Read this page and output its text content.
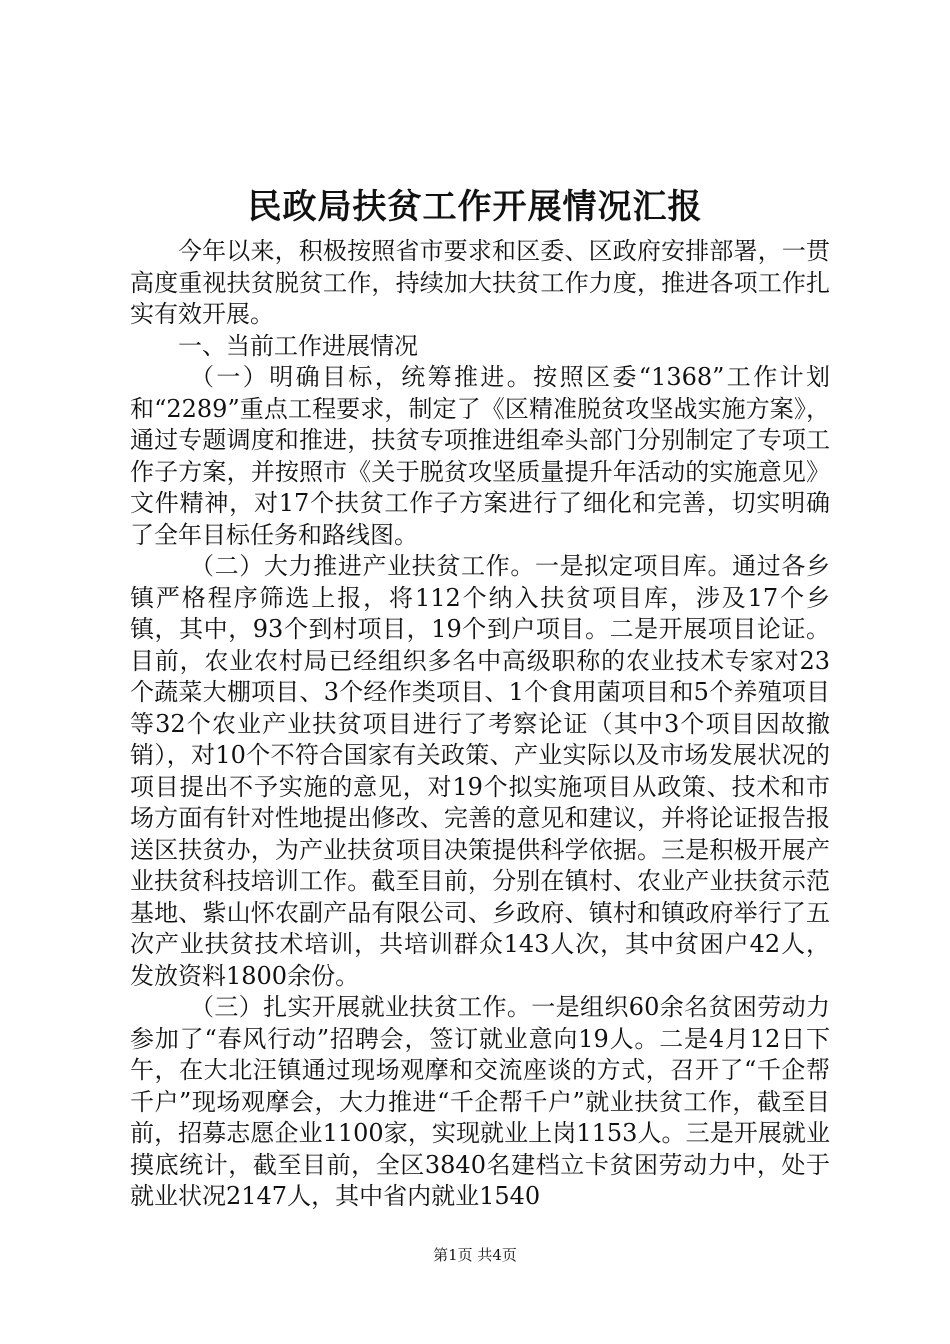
民政局扶贫工作开展情况汇报

今年以来，积极按照省市要求和区委、区政府安排部署，一贯高度重视扶贫脱贫工作，持续加大扶贫工作力度，推进各项工作扎实有效开展。

一、当前工作进展情况

（一）明确目标，统筹推进。按照区委“1368”工作计划和“2289”重点工程要求，制定了《区精准脱贫攻坚战实施方案》，通过专题调度和推进，扶贫专项推进组牵头部门分别制定了专项工作子方案，并按照市《关于脱贫攻坚质量提升年活动的实施意见》文件精神，对17个扶贫工作子方案进行了细化和完善，切实明确了全年目标任务和路线图。

（二）大力推进产业扶贫工作。一是拟定项目库。通过各乡镇严格程序筛选上报，将112个纳入扶贫项目库，涉及17个乡镇，其中，93个到村项目，19个到户项目。二是开展项目论证。目前，农业农村局已经组织多名中高级职称的农业技术专家对23个蔬菜大棚项目、3个经作类项目、1个食用菌项目和5个养殖项目等32个农业产业扶贫项目进行了考察论证（其中3个项目因故撤销），对10个不符合国家有关政策、产业实际以及市场发展状况的项目提出不予实施的意见，对19个拟实施项目从政策、技术和市场方面有针对性地提出修改、完善的意见和建议，并将论证报告报送区扶贫办，为产业扶贫项目决策提供科学依据。三是积极开展产业扶贫科技培训工作。截至目前，分别在镇村、农业产业扶贫示范基地、紫山怀农副产品有限公司、乡政府、镇村和镇政府举行了五次产业扶贫技术培训，共培训群众143人次，其中贫困户42人，发放资料1800余份。

（三）扎实开展就业扶贫工作。一是组织60余名贫困劳动力参加了“春风行动”招聘会，签订就业意向19人。二是4月12日下午，在大北汪镇通过现场观摩和交流座谈的方式，召开了“千企帮千户”现场观摩会，大力推进“千企帮千户”就业扶贫工作，截至目前，招募志愿企业1100家，实现就业上岗1153人。三是开展就业摸底统计，截至目前，全区3840名建档立卡贫困劳动力中，处于就业状况2147人，其中省内就业1540

第1页 共4页
